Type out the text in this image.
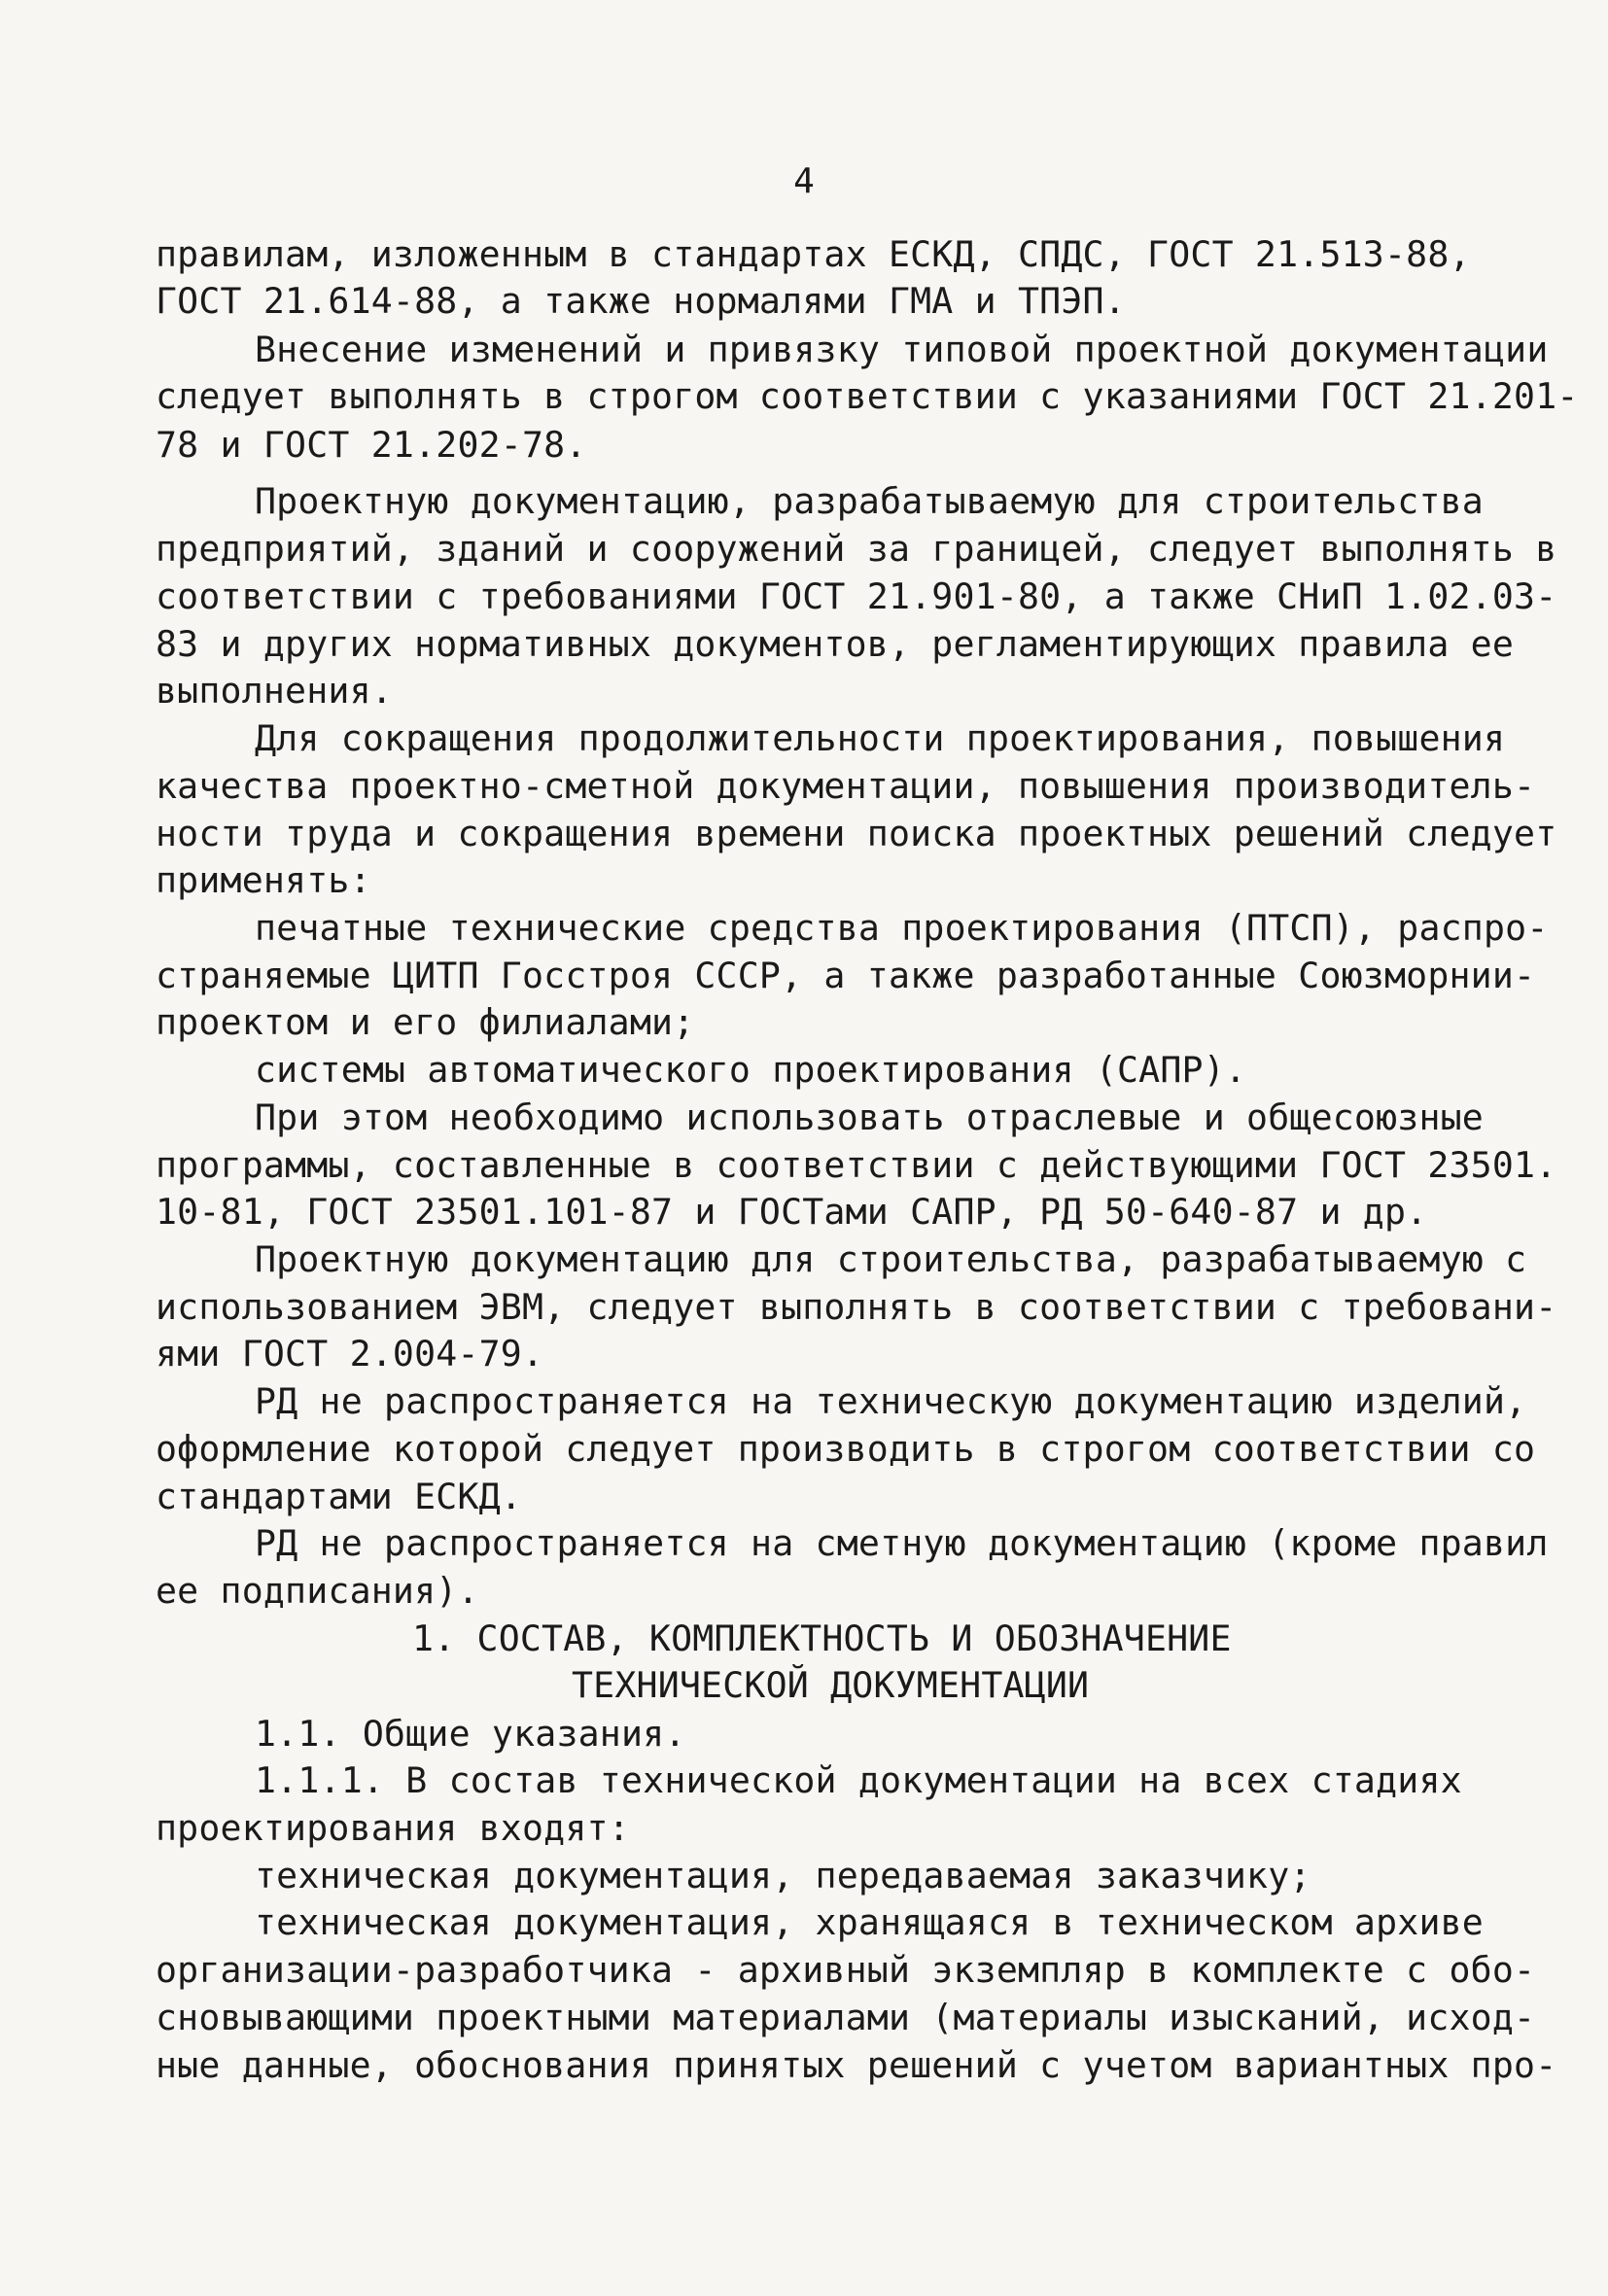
4
правилам, изложенным в стандартах ЕСКД, СПДС, ГОСТ 21.513-88,
ГОСТ 21.614-88, а также нормалями ГМА и ТПЭП.
Внесение изменений и привязку типовой проектной документации
следует выполнять в строгом соответствии с указаниями ГОСТ 21.201-
78 и ГОСТ 21.202-78.
Проектную документацию, разрабатываемую для строительства
предприятий, зданий и сооружений за границей, следует выполнять в
соответствии с требованиями ГОСТ 21.901-80, а также СНиП 1.02.03-
83 и других нормативных документов, регламентирующих правила ее
выполнения.
Для сокращения продолжительности проектирования, повышения
качества проектно-сметной документации, повышения производитель-
ности труда и сокращения времени поиска проектных решений следует
применять:
печатные технические средства проектирования (ПТСП), распро-
страняемые ЦИТП Госстроя СССР, а также разработанные Союзморнии-
проектом и его филиалами;
системы автоматического проектирования (САПР).
При этом необходимо использовать отраслевые и общесоюзные
программы, составленные в соответствии с действующими ГОСТ 23501.
10-81, ГОСТ 23501.101-87 и ГОСТами САПР, РД 50-640-87 и др.
Проектную документацию для строительства, разрабатываемую с
использованием ЭВМ, следует выполнять в соответствии с требовани-
ями ГОСТ 2.004-79.
РД не распространяется на техническую документацию изделий,
оформление которой следует производить в строгом соответствии со
стандартами ЕСКД.
РД не распространяется на сметную документацию (кроме правил
ее подписания).
1. СОСТАВ, КОМПЛЕКТНОСТЬ И ОБОЗНАЧЕНИЕ
ТЕХНИЧЕСКОЙ ДОКУМЕНТАЦИИ
1.1. Общие указания.
1.1.1. В состав технической документации на всех стадиях
проектирования входят:
техническая документация, передаваемая заказчику;
техническая документация, хранящаяся в техническом архиве
организации-разработчика - архивный экземпляр в комплекте с обо-
сновывающими проектными материалами (материалы изысканий, исход-
ные данные, обоснования принятых решений с учетом вариантных про-
